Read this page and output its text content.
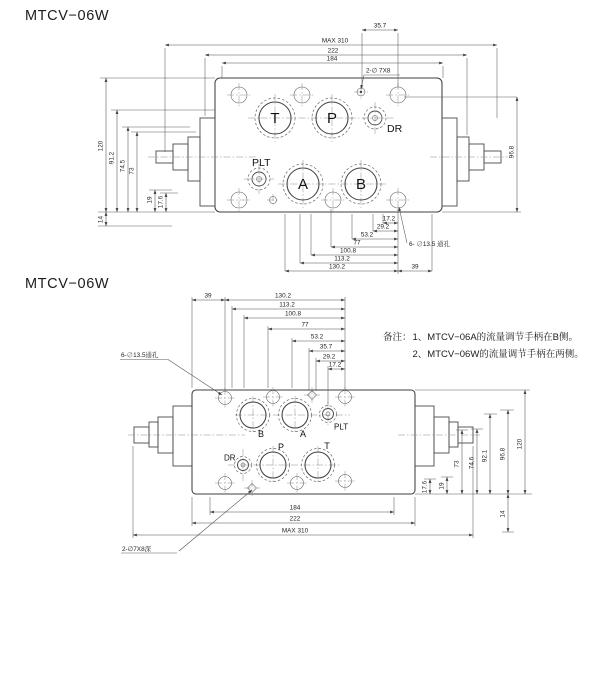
MTCV−06W
MTCV−06W
备注： 1、MTCV−06A的流量调节手柄在B侧。
2、MTCV−06W的流量调节手柄在两侧。
T	P
A	B
DR
PLT
35.7
MAX 310
222
184
2-∅ 7X8
120
91.2
74.5 73
19 17.6
14
96.8
17.2
29.2
53.2
77
100.8
113.2
130.2	39
6- ∅13.5 通孔
B	A
P	T
PLT
DR
39	130.2
113.2
100.8
77
53.2
35.7
29.2
17.2
6-∅13.5通孔
17.6 19
73 74.6
92.1 96.8
120
14
184
222
MAX 310
2-∅7X8深
